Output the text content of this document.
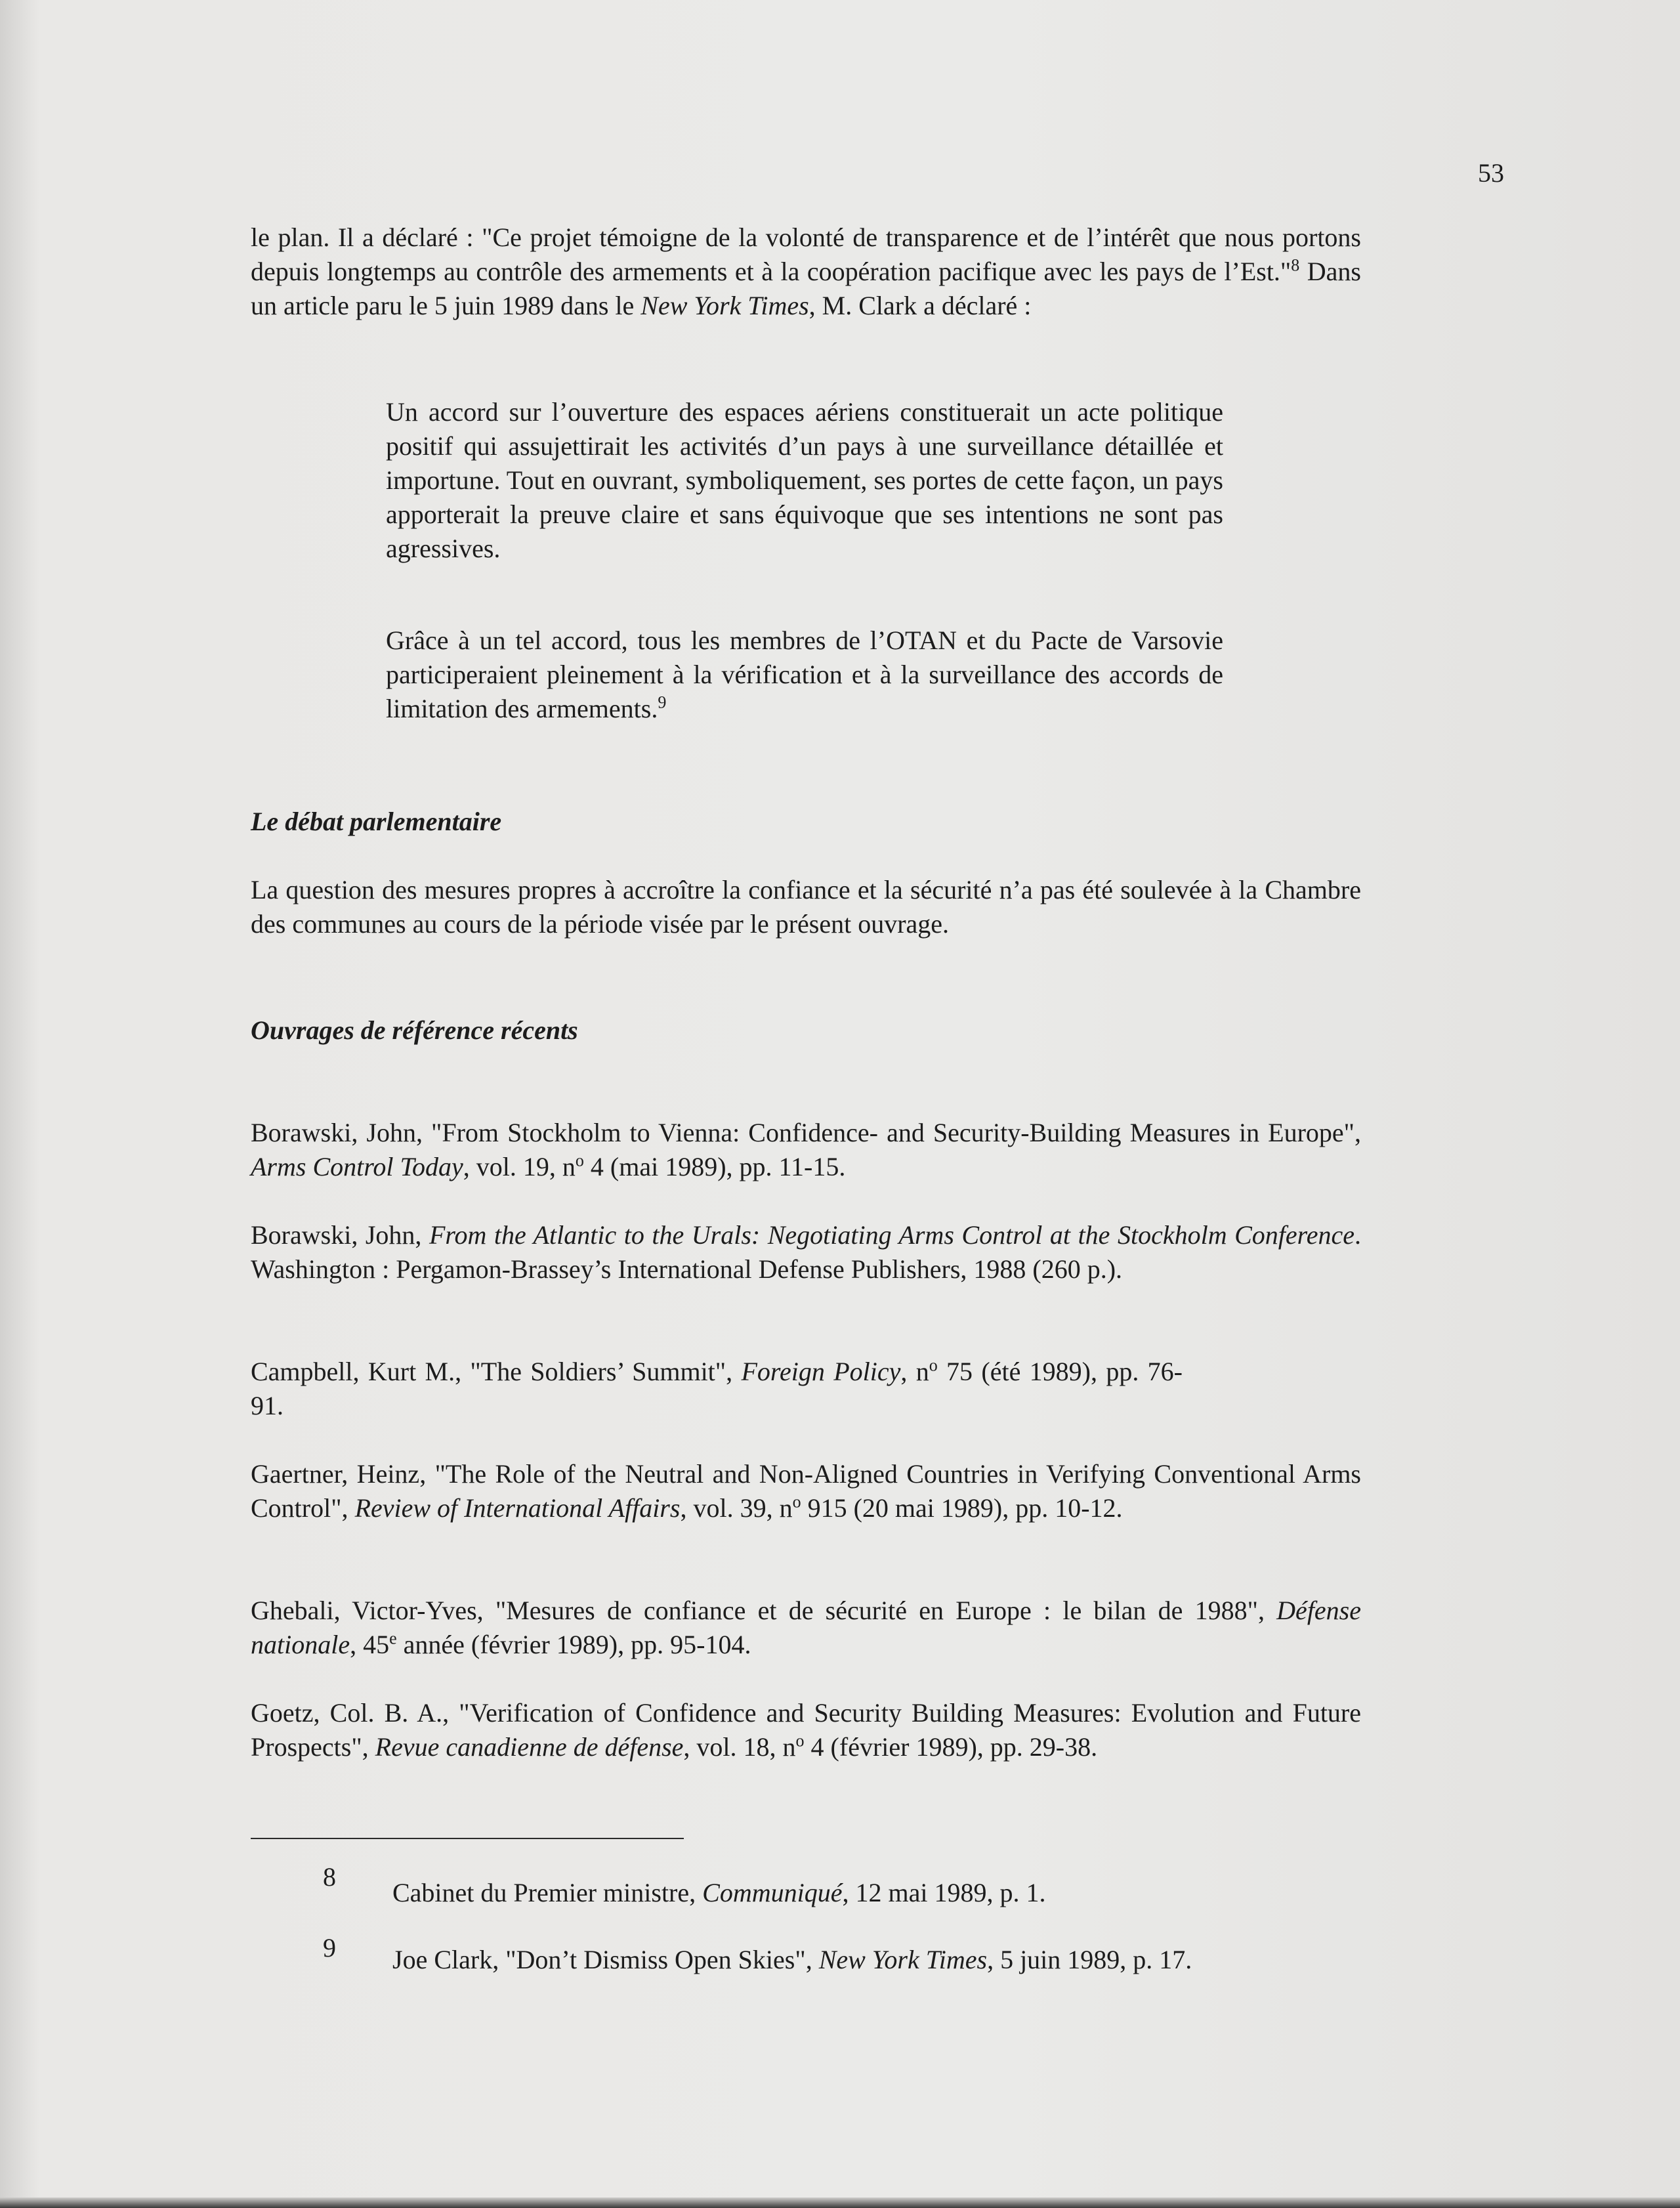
53
le plan. Il a déclaré : "Ce projet témoigne de la volonté de transparence et de l’intérêt que nous portons depuis longtemps au contrôle des armements et à la coopération pacifique avec les pays de l’Est."$^8$ Dans un article paru le 5 juin 1989 dans le New York Times, M. Clark a déclaré :
Un accord sur l’ouverture des espaces aériens constituerait un acte politique positif qui assujettirait les activités d’un pays à une surveillance détaillée et importune. Tout en ouvrant, symboliquement, ses portes de cette façon, un pays apporterait la preuve claire et sans équivoque que ses intentions ne sont pas agressives.
Grâce à un tel accord, tous les membres de l’OTAN et du Pacte de Varsovie participeraient pleinement à la vérification et à la surveillance des accords de limitation des armements.$^9$
Le débat parlementaire
La question des mesures propres à accroître la confiance et la sécurité n’a pas été soulevée à la Chambre des communes au cours de la période visée par le présent ouvrage.
Ouvrages de référence récents
Borawski, John, "From Stockholm to Vienna: Confidence- and Security-Building Measures in Europe", Arms Control Today, vol. 19, $n^o$ 4 (mai 1989), pp. 11-15.
Borawski, John, From the Atlantic to the Urals: Negotiating Arms Control at the Stockholm Conference. Washington : Pergamon-Brassey’s International Defense Publishers, 1988 (260 p.).
Campbell, Kurt M., "The Soldiers’ Summit", Foreign Policy, $n^o$ 75 (été 1989), pp. 76-91.
Gaertner, Heinz, "The Role of the Neutral and Non-Aligned Countries in Verifying Conventional Arms Control", Review of International Affairs, vol. 39, $n^o$ 915 (20 mai 1989), pp. 10-12.
Ghebali, Victor-Yves, "Mesures de confiance et de sécurité en Europe : le bilan de 1988", Défense nationale, 45e année (février 1989), pp. 95-104.
Goetz, Col. B. A., "Verification of Confidence and Security Building Measures: Evolution and Future Prospects", Revue canadienne de défense, vol. 18, $n^o$ 4 (février 1989), pp. 29-38.
8
Cabinet du Premier ministre, Communiqué, 12 mai 1989, p. 1.
9 Joe Clark, "Don’t Dismiss Open Skies", New York Times, 5 juin 1989, p. 17.
